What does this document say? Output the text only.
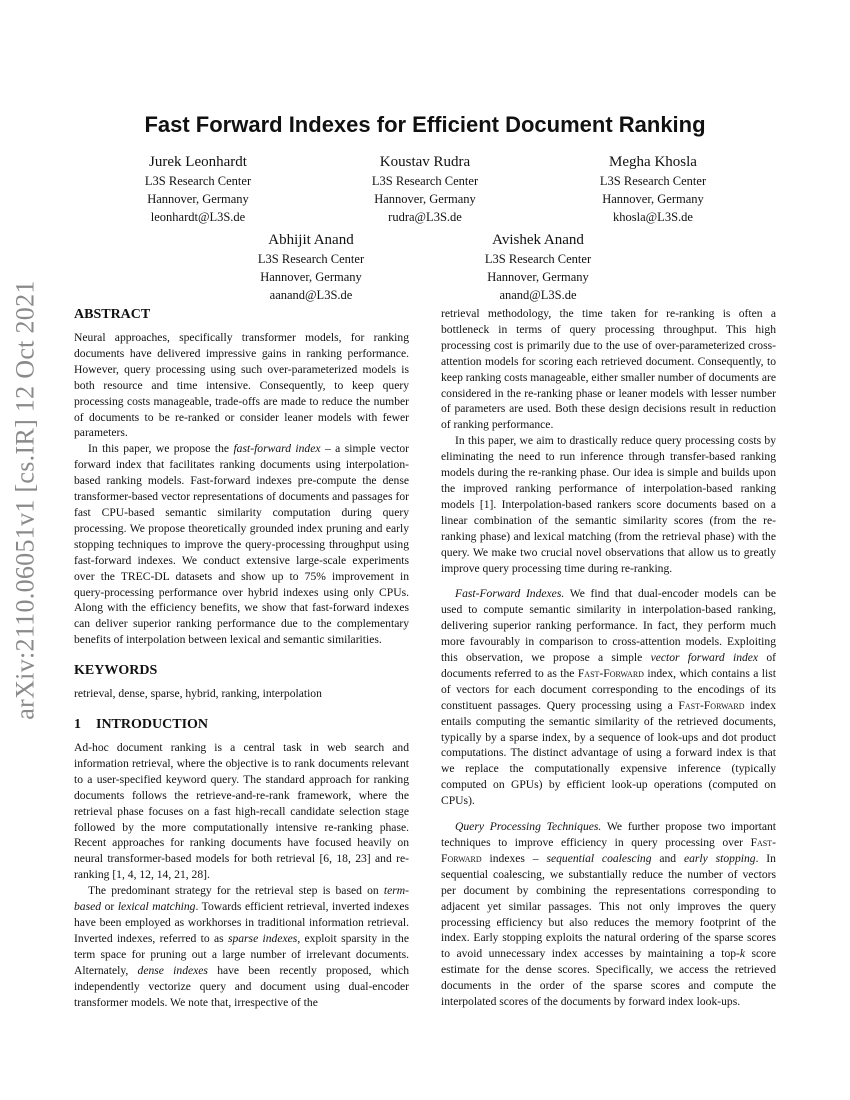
arXiv:2110.06051v1 [cs.IR] 12 Oct 2021
Fast Forward Indexes for Efficient Document Ranking
Jurek Leonhardt
L3S Research Center
Hannover, Germany
leonhardt@L3S.de
Koustav Rudra
L3S Research Center
Hannover, Germany
rudra@L3S.de
Megha Khosla
L3S Research Center
Hannover, Germany
khosla@L3S.de
Abhijit Anand
L3S Research Center
Hannover, Germany
aanand@L3S.de
Avishek Anand
L3S Research Center
Hannover, Germany
anand@L3S.de
ABSTRACT

Neural approaches, specifically transformer models, for ranking documents have delivered impressive gains in ranking performance. However, query processing using such over-parameterized models is both resource and time intensive. Consequently, to keep query processing costs manageable, trade-offs are made to reduce the number of documents to be re-ranked or consider leaner models with fewer parameters.

In this paper, we propose the fast-forward index – a simple vector forward index that facilitates ranking documents using interpolation-based ranking models. Fast-forward indexes pre-compute the dense transformer-based vector representations of documents and passages for fast CPU-based semantic similarity computation during query processing. We propose theoretically grounded index pruning and early stopping techniques to improve the query-processing throughput using fast-forward indexes. We conduct extensive large-scale experiments over the TREC-DL datasets and show up to 75% improvement in query-processing performance over hybrid indexes using only CPUs. Along with the efficiency benefits, we show that fast-forward indexes can deliver superior ranking performance due to the complementary benefits of interpolation between lexical and semantic similarities.

KEYWORDS

retrieval, dense, sparse, hybrid, ranking, interpolation

1 INTRODUCTION

Ad-hoc document ranking is a central task in web search and information retrieval, where the objective is to rank documents relevant to a user-specified keyword query. The standard approach for ranking documents follows the retrieve-and-re-rank framework, where the retrieval phase focuses on a fast high-recall candidate selection stage followed by the more computationally intensive re-ranking phase. Recent approaches for ranking documents have focused heavily on neural transformer-based models for both retrieval [6, 18, 23] and re-ranking [1, 4, 12, 14, 21, 28].

The predominant strategy for the retrieval step is based on term-based or lexical matching. Towards efficient retrieval, inverted indexes have been employed as workhorses in traditional information retrieval. Inverted indexes, referred to as sparse indexes, exploit sparsity in the term space for pruning out a large number of irrelevant documents. Alternately, dense indexes have been recently proposed, which independently vectorize query and document using dual-encoder transformer models. We note that, irrespective of the

retrieval methodology, the time taken for re-ranking is often a bottleneck in terms of query processing throughput. This high processing cost is primarily due to the use of over-parameterized cross-attention models for scoring each retrieved document. Consequently, to keep ranking costs manageable, either smaller number of documents are considered in the re-ranking phase or leaner models with lesser number of parameters are used. Both these design decisions result in reduction of ranking performance.

In this paper, we aim to drastically reduce query processing costs by eliminating the need to run inference through transfer-based ranking models during the re-ranking phase. Our idea is simple and builds upon the improved ranking performance of interpolation-based ranking models [1]. Interpolation-based rankers score documents based on a linear combination of the semantic similarity scores (from the re-ranking phase) and lexical matching (from the retrieval phase) with the query. We make two crucial novel observations that allow us to greatly improve query processing time during re-ranking.

Fast-Forward Indexes. We find that dual-encoder models can be used to compute semantic similarity in interpolation-based ranking, delivering superior ranking performance. In fact, they perform much more favourably in comparison to cross-attention models. Exploiting this observation, we propose a simple vector forward index of documents referred to as the Fast-Forward index, which contains a list of vectors for each document corresponding to the encodings of its constituent passages. Query processing using a Fast-Forward index entails computing the semantic similarity of the retrieved documents, typically by a sparse index, by a sequence of look-ups and dot product computations. The distinct advantage of using a forward index is that we replace the computationally expensive inference (typically computed on GPUs) by efficient look-up operations (computed on CPUs).

Query Processing Techniques. We further propose two important techniques to improve efficiency in query processing over Fast-Forward indexes – sequential coalescing and early stopping. In sequential coalescing, we substantially reduce the number of vectors per document by combining the representations corresponding to adjacent yet similar passages. This not only improves the query processing efficiency but also reduces the memory footprint of the index. Early stopping exploits the natural ordering of the sparse scores to avoid unnecessary index accesses by maintaining a top-k score estimate for the dense scores. Specifically, we access the retrieved documents in the order of the sparse scores and compute the interpolated scores of the documents by forward index look-ups.
